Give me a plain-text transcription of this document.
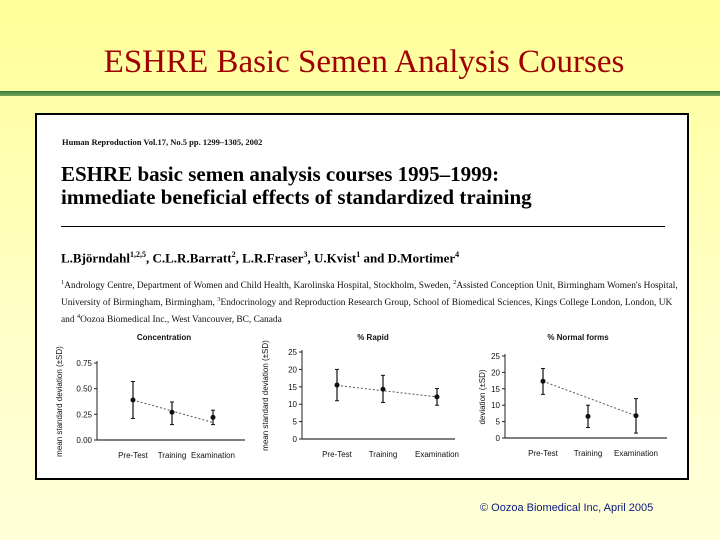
ESHRE Basic Semen Analysis Courses
Human Reproduction Vol.17, No.5 pp. 1299–1305, 2002
ESHRE basic semen analysis courses 1995–1999:
immediate beneficial effects of standardized training
L.Björndahl$^{1,2,5}$, C.L.R.Barratt$^2$, L.R.Fraser$^3$, U.Kvist$^1$ and D.Mortimer$^4$
$^1$Andrology Centre, Department of Women and Child Health, Karolinska Hospital, Stockholm, Sweden, $^2$Assisted Conception Unit, Birmingham Women's Hospital, University of Birmingham, Birmingham, $^3$Endocrinology and Reproduction Research Group, School of Biomedical Sciences, Kings College London, London, UK and $^4$Oozoa Biomedical Inc., West Vancouver, BC, Canada
Concentration
0.00
0.25
0.50
0.75
mean standard deviation (±SD)	Pre-Test Training Examination
% Rapid
0
5
10
15
20
25
mean standard deviation (±SD)
Pre-Test Training Examination
% Normal forms
0
5
10
15
20
25
deviation (±SD)
Pre-Test Training Examination
© Oozoa Biomedical Inc, April 2005
